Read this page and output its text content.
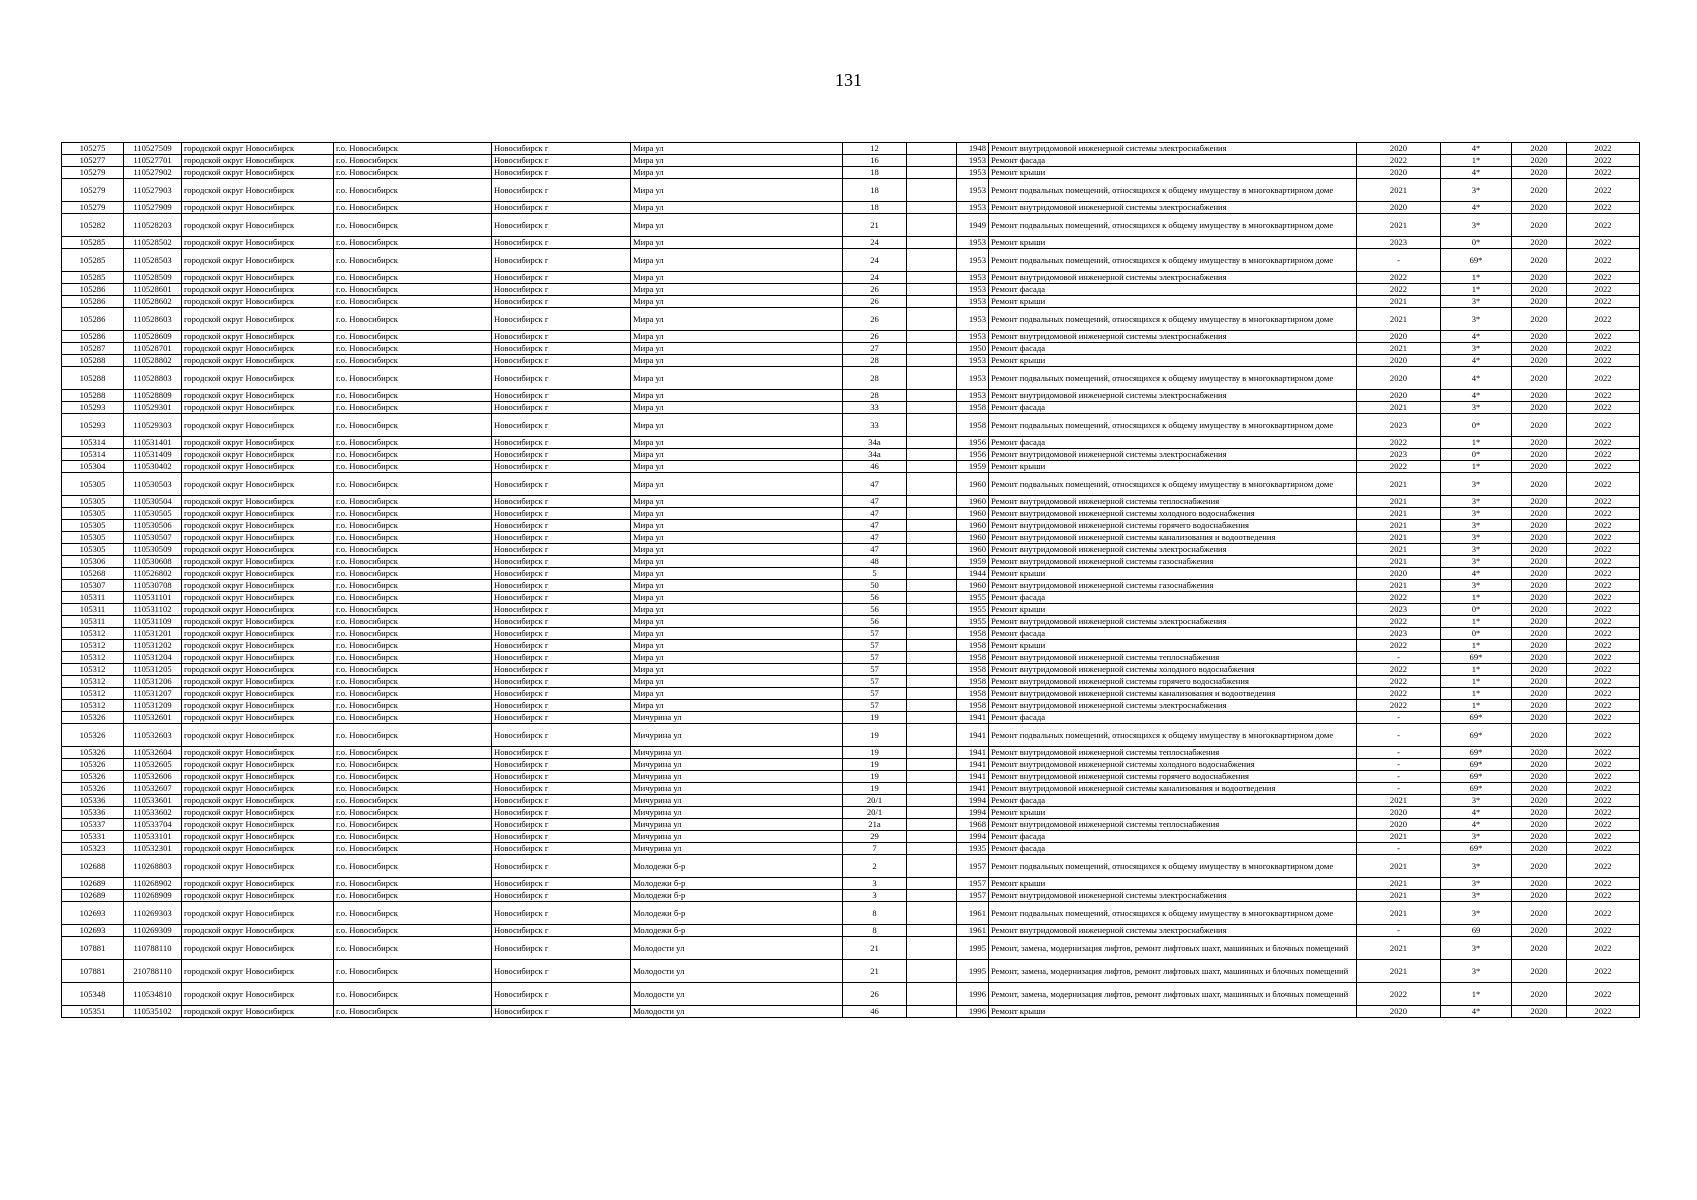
131
105275	110527509	городской округ Новосибирск	г.о. Новосибирск	Новосибирск г	Мира ул	12		1948	Ремонт внутридомовой инженерной системы электроснабжения	2020	4*	2020	2022
105277	110527701	городской округ Новосибирск	г.о. Новосибирск	Новосибирск г	Мира ул	16		1953	Ремонт фасада	2022	1*	2020	2022
105279	110527902	городской округ Новосибирск	г.о. Новосибирск	Новосибирск г	Мира ул	18		1953	Ремонт крыши	2020	4*	2020	2022
105279	110527903	городской округ Новосибирск	г.о. Новосибирск	Новосибирск г	Мира ул	18		1953	Ремонт подвальных помещений, относящихся к общему имуществу в многоквартирном доме	2021	3*	2020	2022
105279	110527909	городской округ Новосибирск	г.о. Новосибирск	Новосибирск г	Мира ул	18		1953	Ремонт внутридомовой инженерной системы электроснабжения	2020	4*	2020	2022
105282	110528203	городской округ Новосибирск	г.о. Новосибирск	Новосибирск г	Мира ул	21		1949	Ремонт подвальных помещений, относящихся к общему имуществу в многоквартирном доме	2021	3*	2020	2022
105285	110528502	городской округ Новосибирск	г.о. Новосибирск	Новосибирск г	Мира ул	24		1953	Ремонт крыши	2023	0*	2020	2022
105285	110528503	городской округ Новосибирск	г.о. Новосибирск	Новосибирск г	Мира ул	24		1953	Ремонт подвальных помещений, относящихся к общему имуществу в многоквартирном доме	-	69*	2020	2022
105285	110528509	городской округ Новосибирск	г.о. Новосибирск	Новосибирск г	Мира ул	24		1953	Ремонт внутридомовой инженерной системы электроснабжения	2022	1*	2020	2022
105286	110528601	городской округ Новосибирск	г.о. Новосибирск	Новосибирск г	Мира ул	26		1953	Ремонт фасада	2022	1*	2020	2022
105286	110528602	городской округ Новосибирск	г.о. Новосибирск	Новосибирск г	Мира ул	26		1953	Ремонт крыши	2021	3*	2020	2022
105286	110528603	городской округ Новосибирск	г.о. Новосибирск	Новосибирск г	Мира ул	26		1953	Ремонт подвальных помещений, относящихся к общему имуществу в многоквартирном доме	2021	3*	2020	2022
105286	110528609	городской округ Новосибирск	г.о. Новосибирск	Новосибирск г	Мира ул	26		1953	Ремонт внутридомовой инженерной системы электроснабжения	2020	4*	2020	2022
105287	110528701	городской округ Новосибирск	г.о. Новосибирск	Новосибирск г	Мира ул	27		1950	Ремонт фасада	2021	3*	2020	2022
105288	110528802	городской округ Новосибирск	г.о. Новосибирск	Новосибирск г	Мира ул	28		1953	Ремонт крыши	2020	4*	2020	2022
105288	110528803	городской округ Новосибирск	г.о. Новосибирск	Новосибирск г	Мира ул	28		1953	Ремонт подвальных помещений, относящихся к общему имуществу в многоквартирном доме	2020	4*	2020	2022
105288	110528809	городской округ Новосибирск	г.о. Новосибирск	Новосибирск г	Мира ул	28		1953	Ремонт внутридомовой инженерной системы электроснабжения	2020	4*	2020	2022
105293	110529301	городской округ Новосибирск	г.о. Новосибирск	Новосибирск г	Мира ул	33		1958	Ремонт фасада	2021	3*	2020	2022
105293	110529303	городской округ Новосибирск	г.о. Новосибирск	Новосибирск г	Мира ул	33		1958	Ремонт подвальных помещений, относящихся к общему имуществу в многоквартирном доме	2023	0*	2020	2022
105314	110531401	городской округ Новосибирск	г.о. Новосибирск	Новосибирск г	Мира ул	34а		1956	Ремонт фасада	2022	1*	2020	2022
105314	110531409	городской округ Новосибирск	г.о. Новосибирск	Новосибирск г	Мира ул	34а		1956	Ремонт внутридомовой инженерной системы электроснабжения	2023	0*	2020	2022
105304	110530402	городской округ Новосибирск	г.о. Новосибирск	Новосибирск г	Мира ул	46		1959	Ремонт крыши	2022	1*	2020	2022
105305	110530503	городской округ Новосибирск	г.о. Новосибирск	Новосибирск г	Мира ул	47		1960	Ремонт подвальных помещений, относящихся к общему имуществу в многоквартирном доме	2021	3*	2020	2022
105305	110530504	городской округ Новосибирск	г.о. Новосибирск	Новосибирск г	Мира ул	47		1960	Ремонт внутридомовой инженерной системы теплоснабжения	2021	3*	2020	2022
105305	110530505	городской округ Новосибирск	г.о. Новосибирск	Новосибирск г	Мира ул	47		1960	Ремонт внутридомовой инженерной системы холодного водоснабжения	2021	3*	2020	2022
105305	110530506	городской округ Новосибирск	г.о. Новосибирск	Новосибирск г	Мира ул	47		1960	Ремонт внутридомовой инженерной системы горячего водоснабжения	2021	3*	2020	2022
105305	110530507	городской округ Новосибирск	г.о. Новосибирск	Новосибирск г	Мира ул	47		1960	Ремонт внутридомовой инженерной системы канализования и водоотведения	2021	3*	2020	2022
105305	110530509	городской округ Новосибирск	г.о. Новосибирск	Новосибирск г	Мира ул	47		1960	Ремонт внутридомовой инженерной системы электроснабжения	2021	3*	2020	2022
105306	110530608	городской округ Новосибирск	г.о. Новосибирск	Новосибирск г	Мира ул	48		1959	Ремонт внутридомовой инженерной системы газоснабжения	2021	3*	2020	2022
105268	110526802	городской округ Новосибирск	г.о. Новосибирск	Новосибирск г	Мира ул	5		1944	Ремонт крыши	2020	4*	2020	2022
105307	110530708	городской округ Новосибирск	г.о. Новосибирск	Новосибирск г	Мира ул	50		1960	Ремонт внутридомовой инженерной системы газоснабжения	2021	3*	2020	2022
105311	110531101	городской округ Новосибирск	г.о. Новосибирск	Новосибирск г	Мира ул	56		1955	Ремонт фасада	2022	1*	2020	2022
105311	110531102	городской округ Новосибирск	г.о. Новосибирск	Новосибирск г	Мира ул	56		1955	Ремонт крыши	2023	0*	2020	2022
105311	110531109	городской округ Новосибирск	г.о. Новосибирск	Новосибирск г	Мира ул	56		1955	Ремонт внутридомовой инженерной системы электроснабжения	2022	1*	2020	2022
105312	110531201	городской округ Новосибирск	г.о. Новосибирск	Новосибирск г	Мира ул	57		1958	Ремонт фасада	2023	0*	2020	2022
105312	110531202	городской округ Новосибирск	г.о. Новосибирск	Новосибирск г	Мира ул	57		1958	Ремонт крыши	2022	1*	2020	2022
105312	110531204	городской округ Новосибирск	г.о. Новосибирск	Новосибирск г	Мира ул	57		1958	Ремонт внутридомовой инженерной системы теплоснабжения	-	69*	2020	2022
105312	110531205	городской округ Новосибирск	г.о. Новосибирск	Новосибирск г	Мира ул	57		1958	Ремонт внутридомовой инженерной системы холодного водоснабжения	2022	1*	2020	2022
105312	110531206	городской округ Новосибирск	г.о. Новосибирск	Новосибирск г	Мира ул	57		1958	Ремонт внутридомовой инженерной системы горячего водоснабжения	2022	1*	2020	2022
105312	110531207	городской округ Новосибирск	г.о. Новосибирск	Новосибирск г	Мира ул	57		1958	Ремонт внутридомовой инженерной системы канализования и водоотведения	2022	1*	2020	2022
105312	110531209	городской округ Новосибирск	г.о. Новосибирск	Новосибирск г	Мира ул	57		1958	Ремонт внутридомовой инженерной системы электроснабжения	2022	1*	2020	2022
105326	110532601	городской округ Новосибирск	г.о. Новосибирск	Новосибирск г	Мичурина ул	19		1941	Ремонт фасада	-	69*	2020	2022
105326	110532603	городской округ Новосибирск	г.о. Новосибирск	Новосибирск г	Мичурина ул	19		1941	Ремонт подвальных помещений, относящихся к общему имуществу в многоквартирном доме	-	69*	2020	2022
105326	110532604	городской округ Новосибирск	г.о. Новосибирск	Новосибирск г	Мичурина ул	19		1941	Ремонт внутридомовой инженерной системы теплоснабжения	-	69*	2020	2022
105326	110532605	городской округ Новосибирск	г.о. Новосибирск	Новосибирск г	Мичурина ул	19		1941	Ремонт внутридомовой инженерной системы холодного водоснабжения	-	69*	2020	2022
105326	110532606	городской округ Новосибирск	г.о. Новосибирск	Новосибирск г	Мичурина ул	19		1941	Ремонт внутридомовой инженерной системы горячего водоснабжения	-	69*	2020	2022
105326	110532607	городской округ Новосибирск	г.о. Новосибирск	Новосибирск г	Мичурина ул	19		1941	Ремонт внутридомовой инженерной системы канализования и водоотведения	-	69*	2020	2022
105336	110533601	городской округ Новосибирск	г.о. Новосибирск	Новосибирск г	Мичурина ул	20/1		1994	Ремонт фасада	2021	3*	2020	2022
105336	110533602	городской округ Новосибирск	г.о. Новосибирск	Новосибирск г	Мичурина ул	20/1		1994	Ремонт крыши	2020	4*	2020	2022
105337	110533704	городской округ Новосибирск	г.о. Новосибирск	Новосибирск г	Мичурина ул	21а		1968	Ремонт внутридомовой инженерной системы теплоснабжения	2020	4*	2020	2022
105331	110533101	городской округ Новосибирск	г.о. Новосибирск	Новосибирск г	Мичурина ул	29		1994	Ремонт фасада	2021	3*	2020	2022
105323	110532301	городской округ Новосибирск	г.о. Новосибирск	Новосибирск г	Мичурина ул	7		1935	Ремонт фасада	-	69*	2020	2022
102688	110268803	городской округ Новосибирск	г.о. Новосибирск	Новосибирск г	Молодежи б-р	2		1957	Ремонт подвальных помещений, относящихся к общему имуществу в многоквартирном доме	2021	3*	2020	2022
102689	110268902	городской округ Новосибирск	г.о. Новосибирск	Новосибирск г	Молодежи б-р	3		1957	Ремонт крыши	2021	3*	2020	2022
102689	110268909	городской округ Новосибирск	г.о. Новосибирск	Новосибирск г	Молодежи б-р	3		1957	Ремонт внутридомовой инженерной системы электроснабжения	2021	3*	2020	2022
102693	110269303	городской округ Новосибирск	г.о. Новосибирск	Новосибирск г	Молодежи б-р	8		1961	Ремонт подвальных помещений, относящихся к общему имуществу в многоквартирном доме	2021	3*	2020	2022
102693	110269309	городской округ Новосибирск	г.о. Новосибирск	Новосибирск г	Молодежи б-р	8		1961	Ремонт внутридомовой инженерной системы электроснабжения	-	69	2020	2022
107881	110788110	городской округ Новосибирск	г.о. Новосибирск	Новосибирск г	Молодости ул	21		1995	Ремонт, замена, модернизация лифтов, ремонт лифтовых шахт, машинных и блочных помещений	2021	3*	2020	2022
107881	210788110	городской округ Новосибирск	г.о. Новосибирск	Новосибирск г	Молодости ул	21		1995	Ремонт, замена, модернизация лифтов, ремонт лифтовых шахт, машинных и блочных помещений	2021	3*	2020	2022
105348	110534810	городской округ Новосибирск	г.о. Новосибирск	Новосибирск г	Молодости ул	26		1996	Ремонт, замена, модернизация лифтов, ремонт лифтовых шахт, машинных и блочных помещений	2022	1*	2020	2022
105351	110535102	городской округ Новосибирск	г.о. Новосибирск	Новосибирск г	Молодости ул	46		1996	Ремонт крыши	2020	4*	2020	2022
